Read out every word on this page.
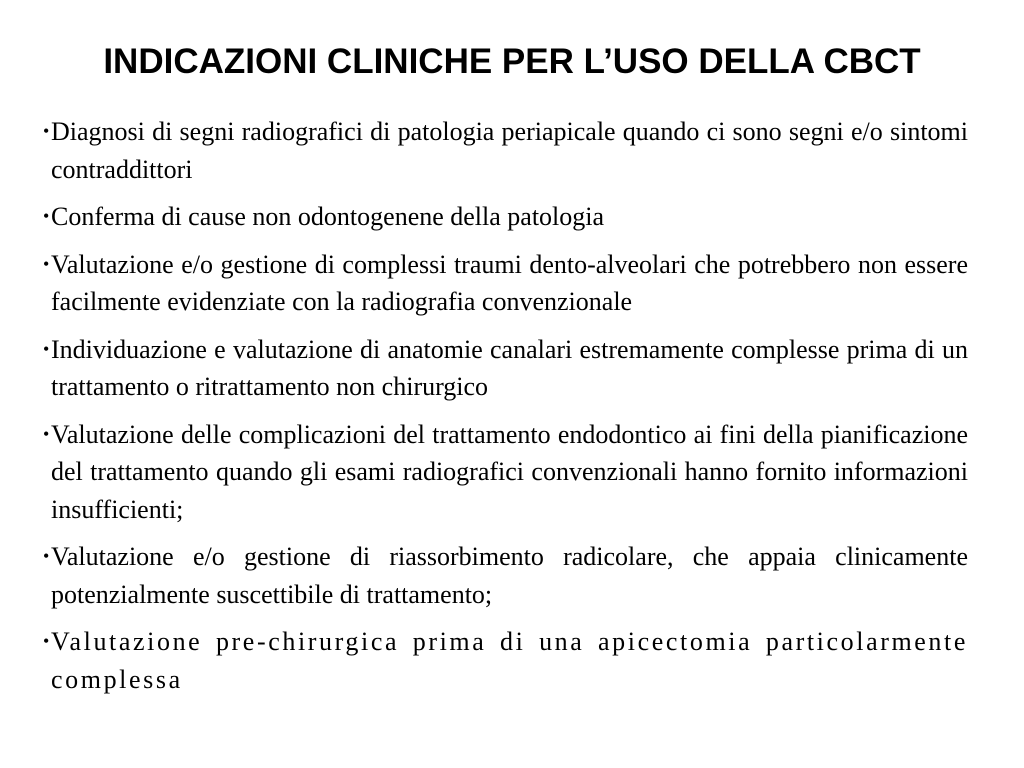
INDICAZIONI CLINICHE PER L’USO DELLA CBCT
• Diagnosi di segni radiografici di patologia periapicale quando ci sono segni e/o sintomi contraddittori
• Conferma di cause non odontogenene della patologia
• Valutazione e/o gestione di complessi traumi dento-alveolari che potrebbero non essere facilmente evidenziate con la radiografia convenzionale
• Individuazione e valutazione di anatomie canalari estremamente complesse prima di un trattamento o ritrattamento non chirurgico
• Valutazione delle complicazioni del trattamento endodontico ai fini della pianificazione del trattamento quando gli esami radiografici convenzionali hanno fornito informazioni insufficienti;
• Valutazione e/o gestione di riassorbimento radicolare, che appaia clinicamente potenzialmente suscettibile di trattamento;
• Valutazione pre-chirurgica prima di una apicectomia particolarmente complessa
